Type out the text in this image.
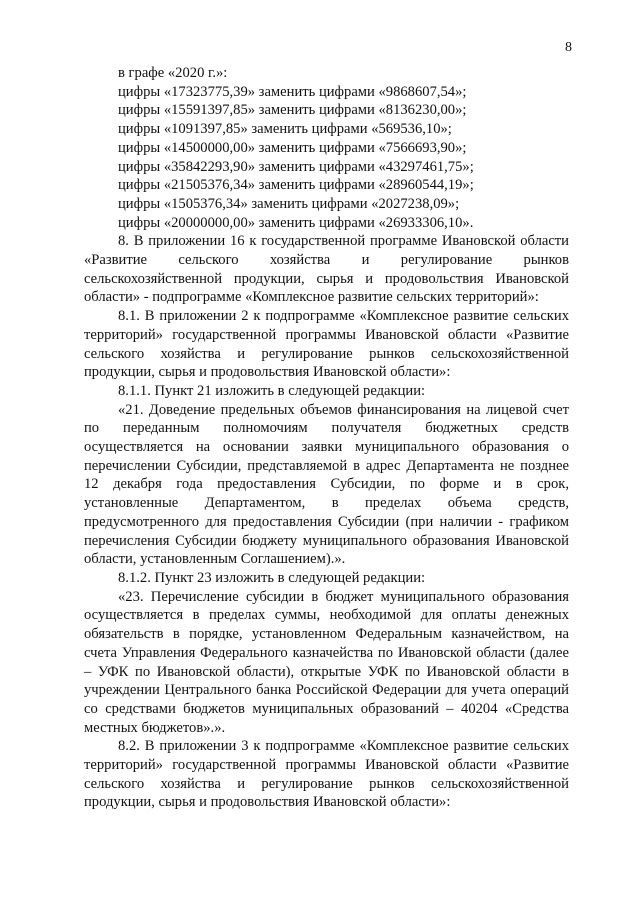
8
в графе «2020 г.»:
цифры «17323775,39» заменить цифрами «9868607,54»;
цифры «15591397,85» заменить цифрами «8136230,00»;
цифры «1091397,85» заменить цифрами «569536,10»;
цифры «14500000,00» заменить цифрами «7566693,90»;
цифры «35842293,90» заменить цифрами «43297461,75»;
цифры «21505376,34» заменить цифрами «28960544,19»;
цифры «1505376,34» заменить цифрами «2027238,09»;
цифры «20000000,00» заменить цифрами «26933306,10».

8. В приложении 16 к государственной программе Ивановской области «Развитие сельского хозяйства и регулирование рынков сельскохозяйственной продукции, сырья и продовольствия Ивановской области» - подпрограмме «Комплексное развитие сельских территорий»:

8.1. В приложении 2 к подпрограмме «Комплексное развитие сельских территорий» государственной программы Ивановской области «Развитие сельского хозяйства и регулирование рынков сельскохозяйственной продукции, сырья и продовольствия Ивановской области»:

8.1.1. Пункт 21 изложить в следующей редакции:

«21. Доведение предельных объемов финансирования на лицевой счет по переданным полномочиям получателя бюджетных средств осуществляется на основании заявки муниципального образования о перечислении Субсидии, представляемой в адрес Департамента не позднее 12 декабря года предоставления Субсидии, по форме и в срок, установленные Департаментом, в пределах объема средств, предусмотренного для предоставления Субсидии (при наличии - графиком перечисления Субсидии бюджету муниципального образования Ивановской области, установленным Соглашением).».

8.1.2. Пункт 23 изложить в следующей редакции:

«23. Перечисление субсидии в бюджет муниципального образования осуществляется в пределах суммы, необходимой для оплаты денежных обязательств в порядке, установленном Федеральным казначейством, на счета Управления Федерального казначейства по Ивановской области (далее – УФК по Ивановской области), открытые УФК по Ивановской области в учреждении Центрального банка Российской Федерации для учета операций со средствами бюджетов муниципальных образований – 40204 «Средства местных бюджетов».».

8.2. В приложении 3 к подпрограмме «Комплексное развитие сельских территорий» государственной программы Ивановской области «Развитие сельского хозяйства и регулирование рынков сельскохозяйственной продукции, сырья и продовольствия Ивановской области»:
